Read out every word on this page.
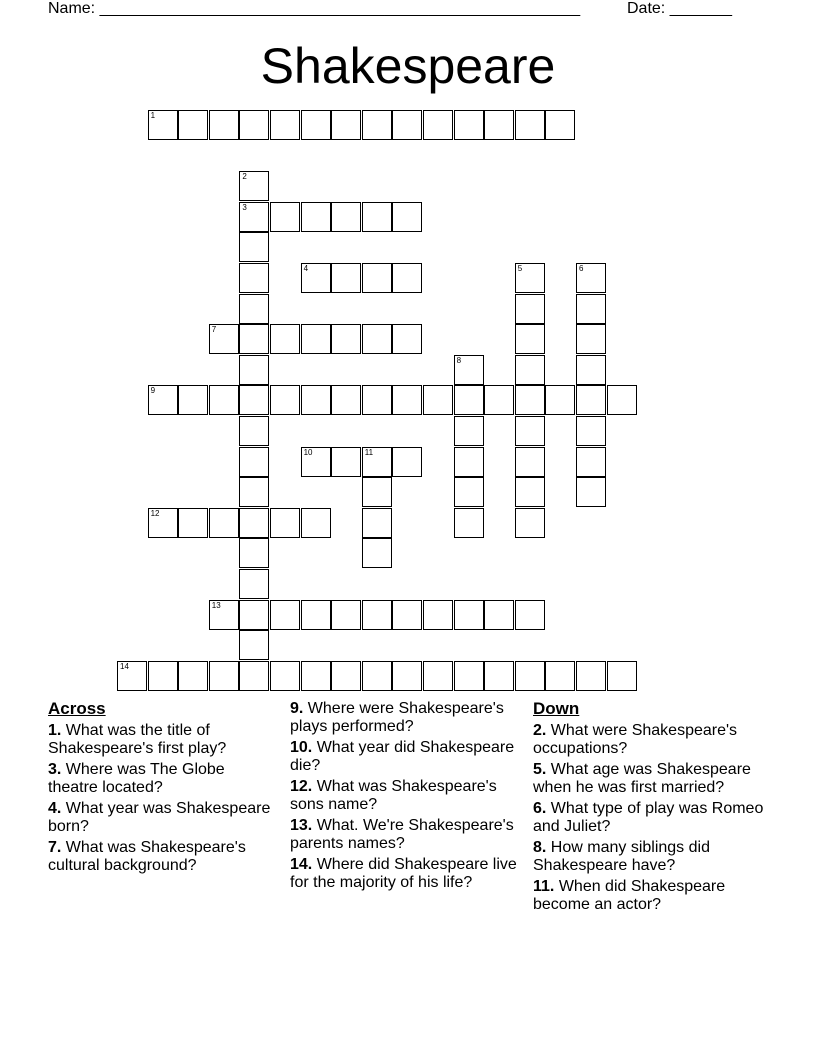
Name: ______________________________________________________	Date: _______
Shakespeare
1
2
3
4	5	6
7
8
9
10	11
12
13
14
Across
1. What was the title of Shakespeare's first play?
3. Where was The Globe theatre located?
4. What year was Shakespeare born?
7. What was Shakespeare's cultural background?
9. Where were Shakespeare's plays performed?
10. What year did Shakespeare die?
12. What was Shakespeare's sons name?
13. What. We're Shakespeare's parents names?
14. Where did Shakespeare live for the majority of his life?
Down
2. What were Shakespeare's occupations?
5. What age was Shakespeare when he was first married?
6. What type of play was Romeo and Juliet?
8. How many siblings did Shakespeare have?
11. When did Shakespeare become an actor?
